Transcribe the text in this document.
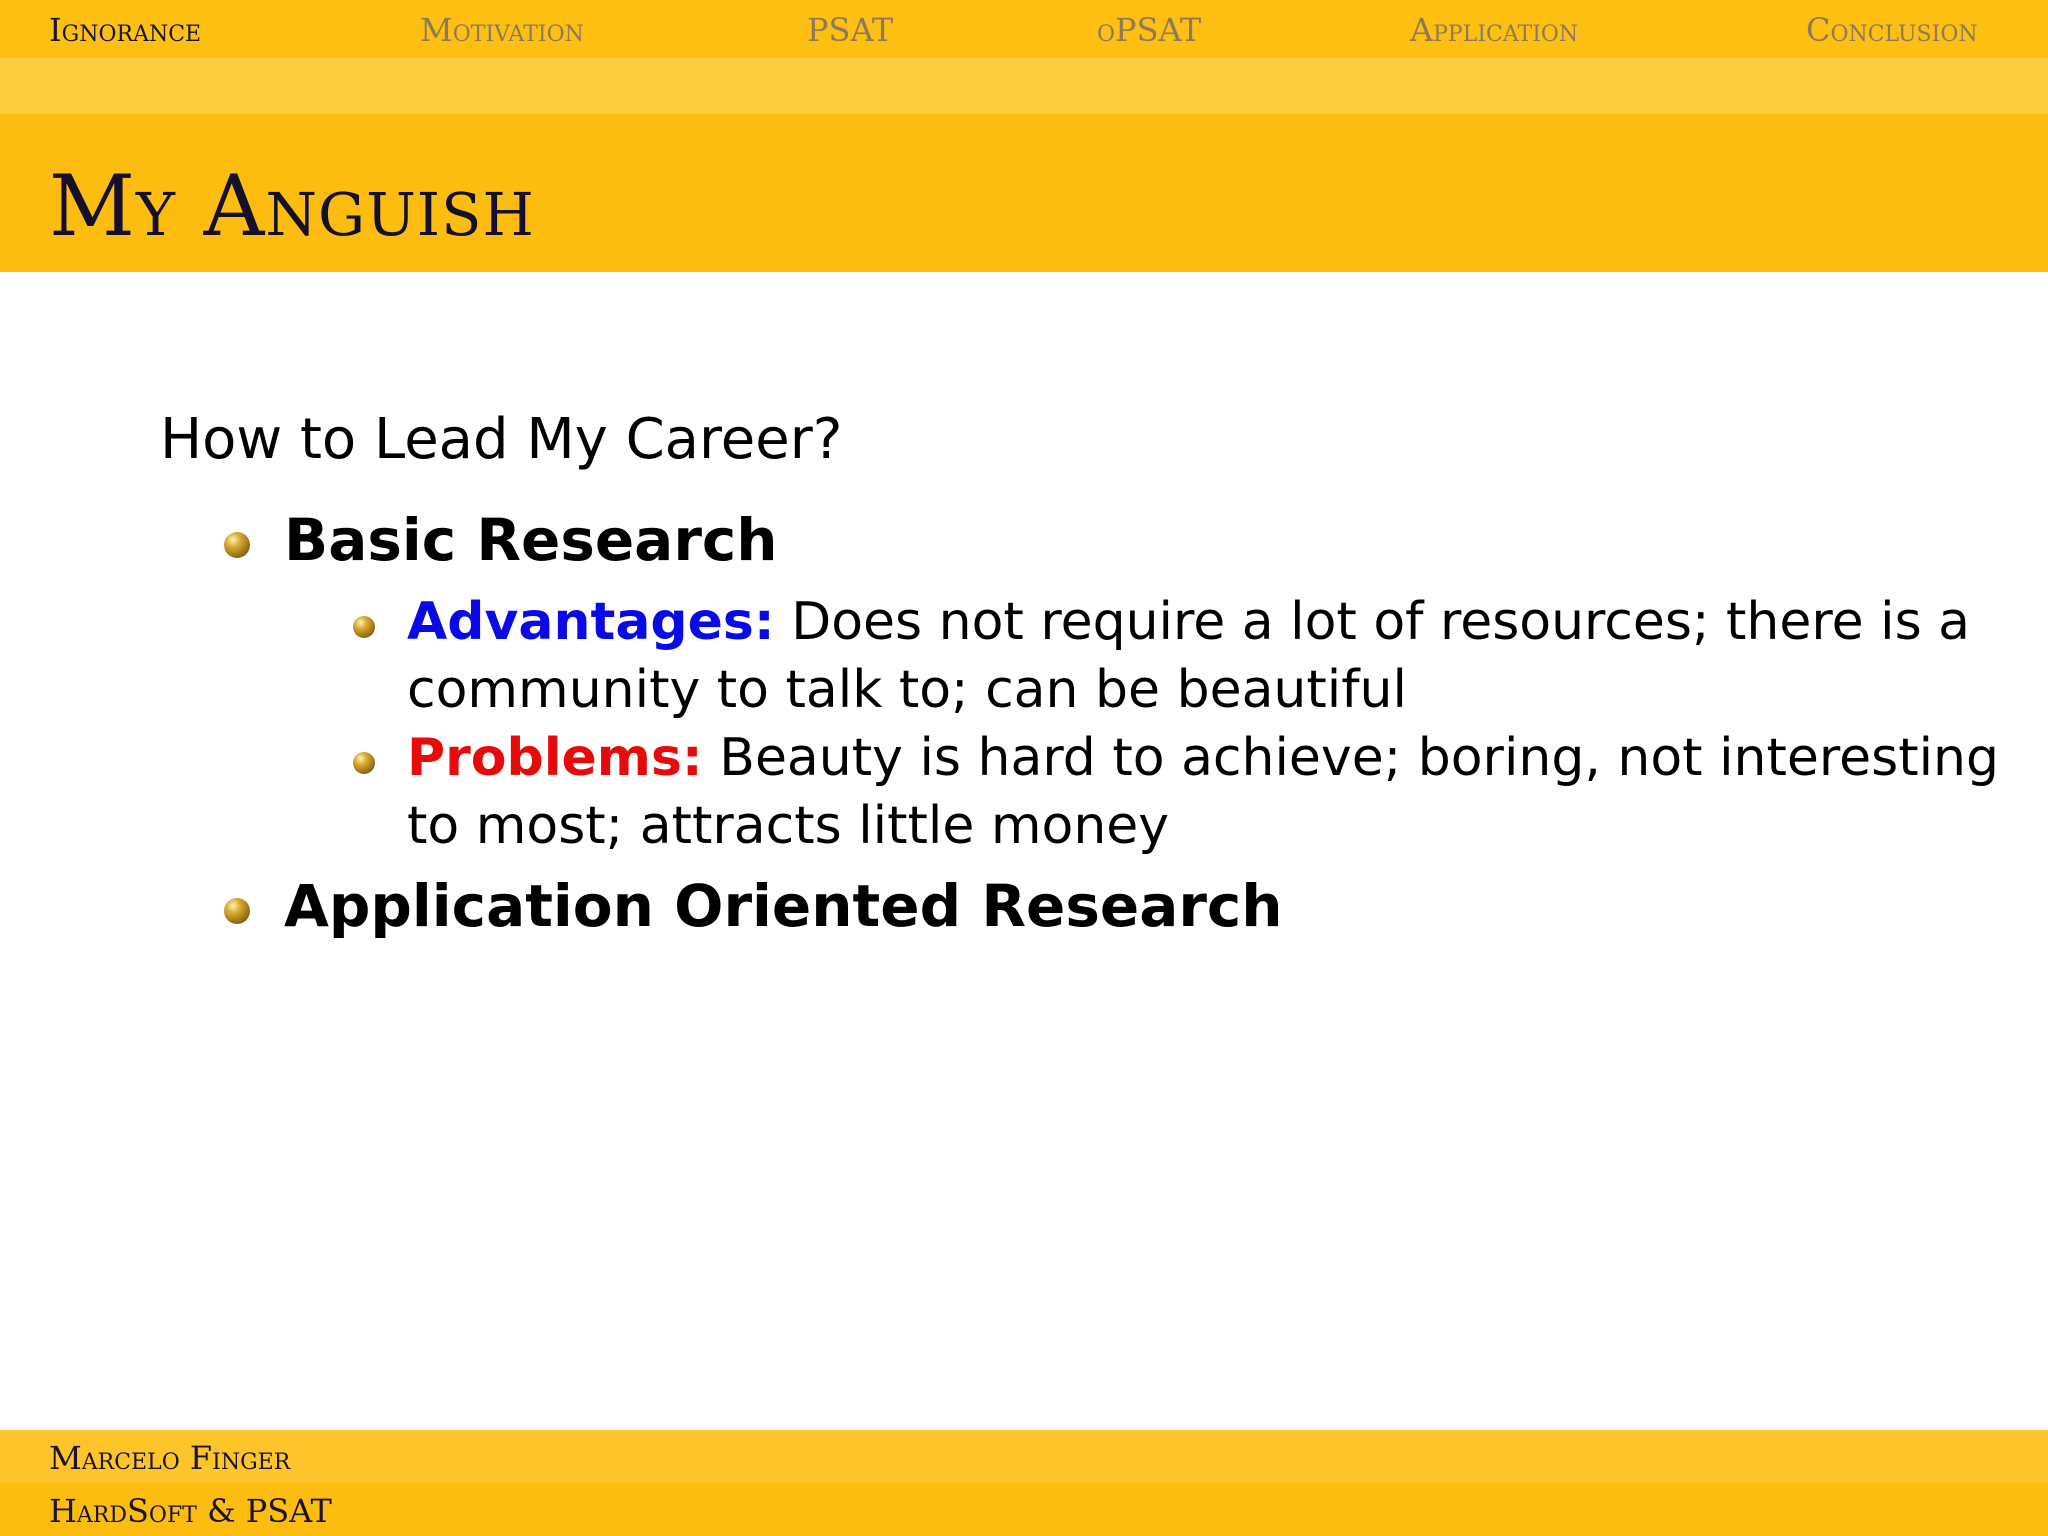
Ignorance	Motivation	PSAT	oPSAT	Application	Conclusion
My Anguish
How to Lead My Career?
Basic Research
Advantages: Does not require a lot of resources; there is a
community to talk to; can be beautiful
Problems: Beauty is hard to achieve; boring, not interesting
to most; attracts little money
Application Oriented Research
Marcelo Finger
HardSoft & PSAT
